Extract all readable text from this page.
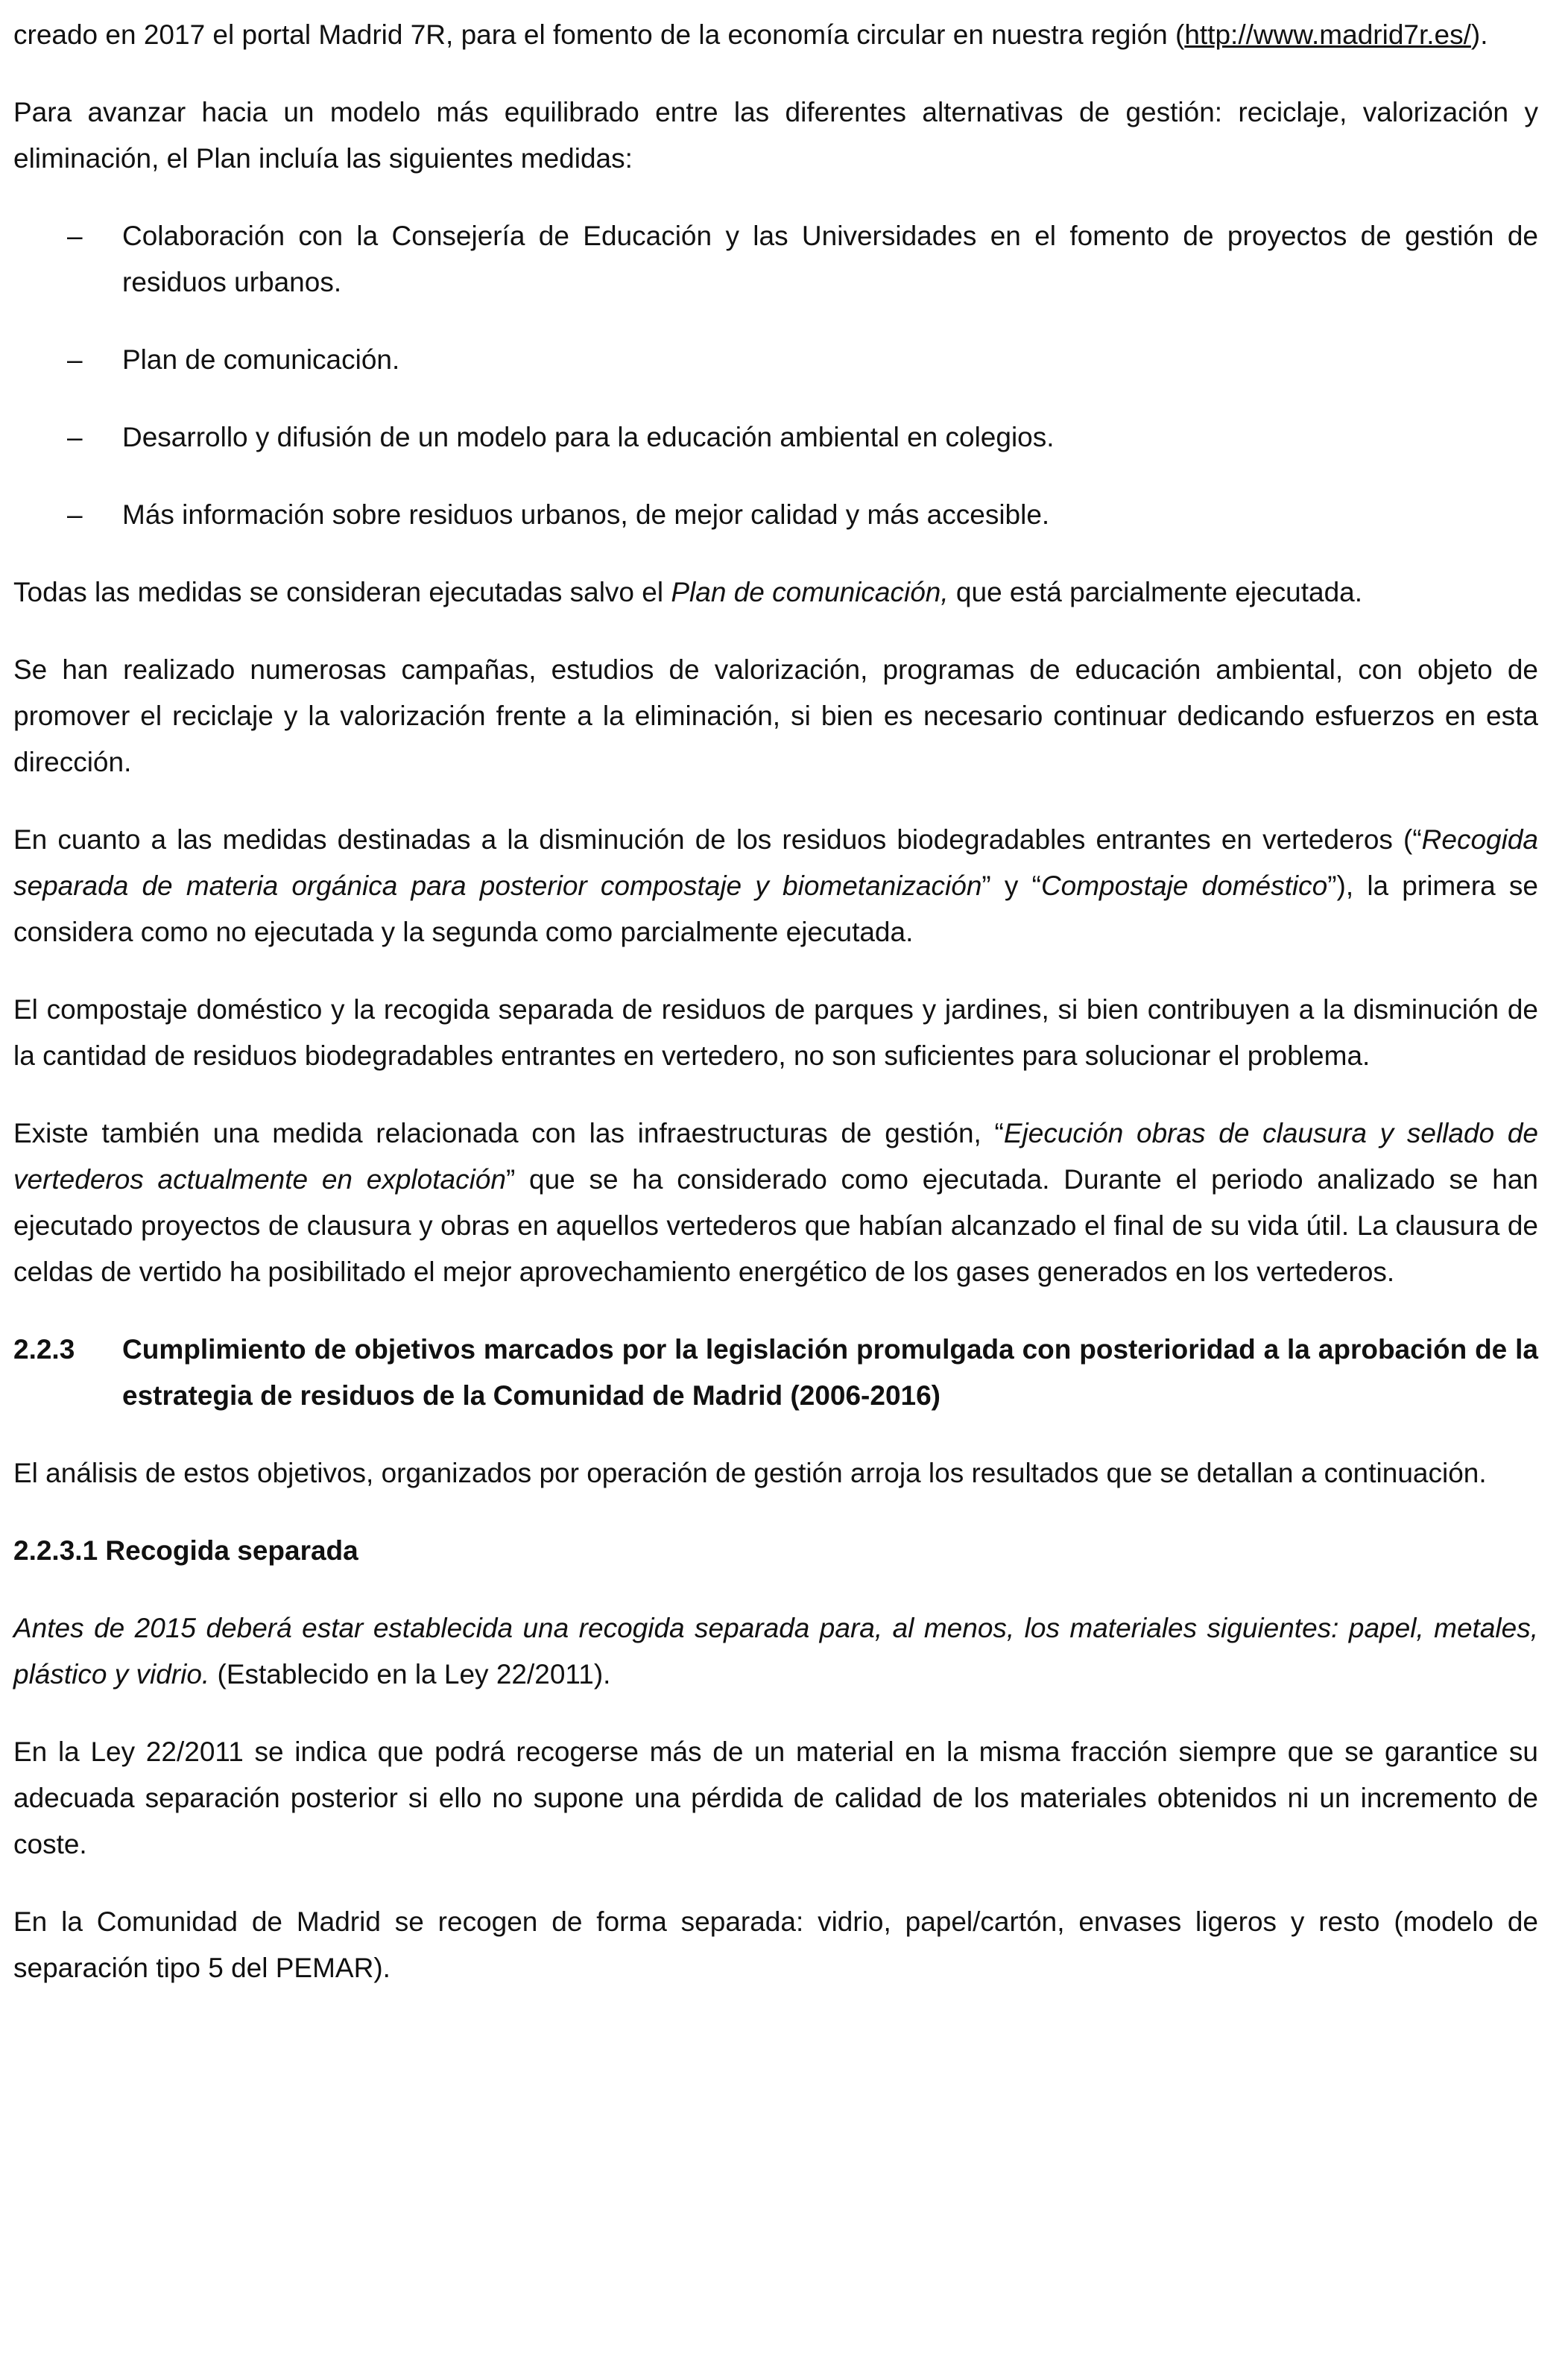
creado en 2017 el portal Madrid 7R, para el fomento de la economía circular en nuestra región (http://www.madrid7r.es/).

Para avanzar hacia un modelo más equilibrado entre las diferentes alternativas de gestión: reciclaje, valorización y eliminación, el Plan incluía las siguientes medidas:

– Colaboración con la Consejería de Educación y las Universidades en el fomento de proyectos de gestión de residuos urbanos.
– Plan de comunicación.
– Desarrollo y difusión de un modelo para la educación ambiental en colegios.
– Más información sobre residuos urbanos, de mejor calidad y más accesible.

Todas las medidas se consideran ejecutadas salvo el Plan de comunicación, que está parcialmente ejecutada.

Se han realizado numerosas campañas, estudios de valorización, programas de educación ambiental, con objeto de promover el reciclaje y la valorización frente a la eliminación, si bien es necesario continuar dedicando esfuerzos en esta dirección.

En cuanto a las medidas destinadas a la disminución de los residuos biodegradables entrantes en vertederos (“Recogida separada de materia orgánica para posterior compostaje y biometanización” y “Compostaje doméstico”), la primera se considera como no ejecutada y la segunda como parcialmente ejecutada.

El compostaje doméstico y la recogida separada de residuos de parques y jardines, si bien contribuyen a la disminución de la cantidad de residuos biodegradables entrantes en vertedero, no son suficientes para solucionar el problema.

Existe también una medida relacionada con las infraestructuras de gestión, “Ejecución obras de clausura y sellado de vertederos actualmente en explotación” que se ha considerado como ejecutada. Durante el periodo analizado se han ejecutado proyectos de clausura y obras en aquellos vertederos que habían alcanzado el final de su vida útil. La clausura de celdas de vertido ha posibilitado el mejor aprovechamiento energético de los gases generados en los vertederos.

2.2.3 Cumplimiento de objetivos marcados por la legislación promulgada con posterioridad a la aprobación de la estrategia de residuos de la Comunidad de Madrid (2006-2016)

El análisis de estos objetivos, organizados por operación de gestión arroja los resultados que se detallan a continuación.

2.2.3.1 Recogida separada

Antes de 2015 deberá estar establecida una recogida separada para, al menos, los materiales siguientes: papel, metales, plástico y vidrio. (Establecido en la Ley 22/2011).

En la Ley 22/2011 se indica que podrá recogerse más de un material en la misma fracción siempre que se garantice su adecuada separación posterior si ello no supone una pérdida de calidad de los materiales obtenidos ni un incremento de coste.

En la Comunidad de Madrid se recogen de forma separada: vidrio, papel/cartón, envases ligeros y resto (modelo de separación tipo 5 del PEMAR).
